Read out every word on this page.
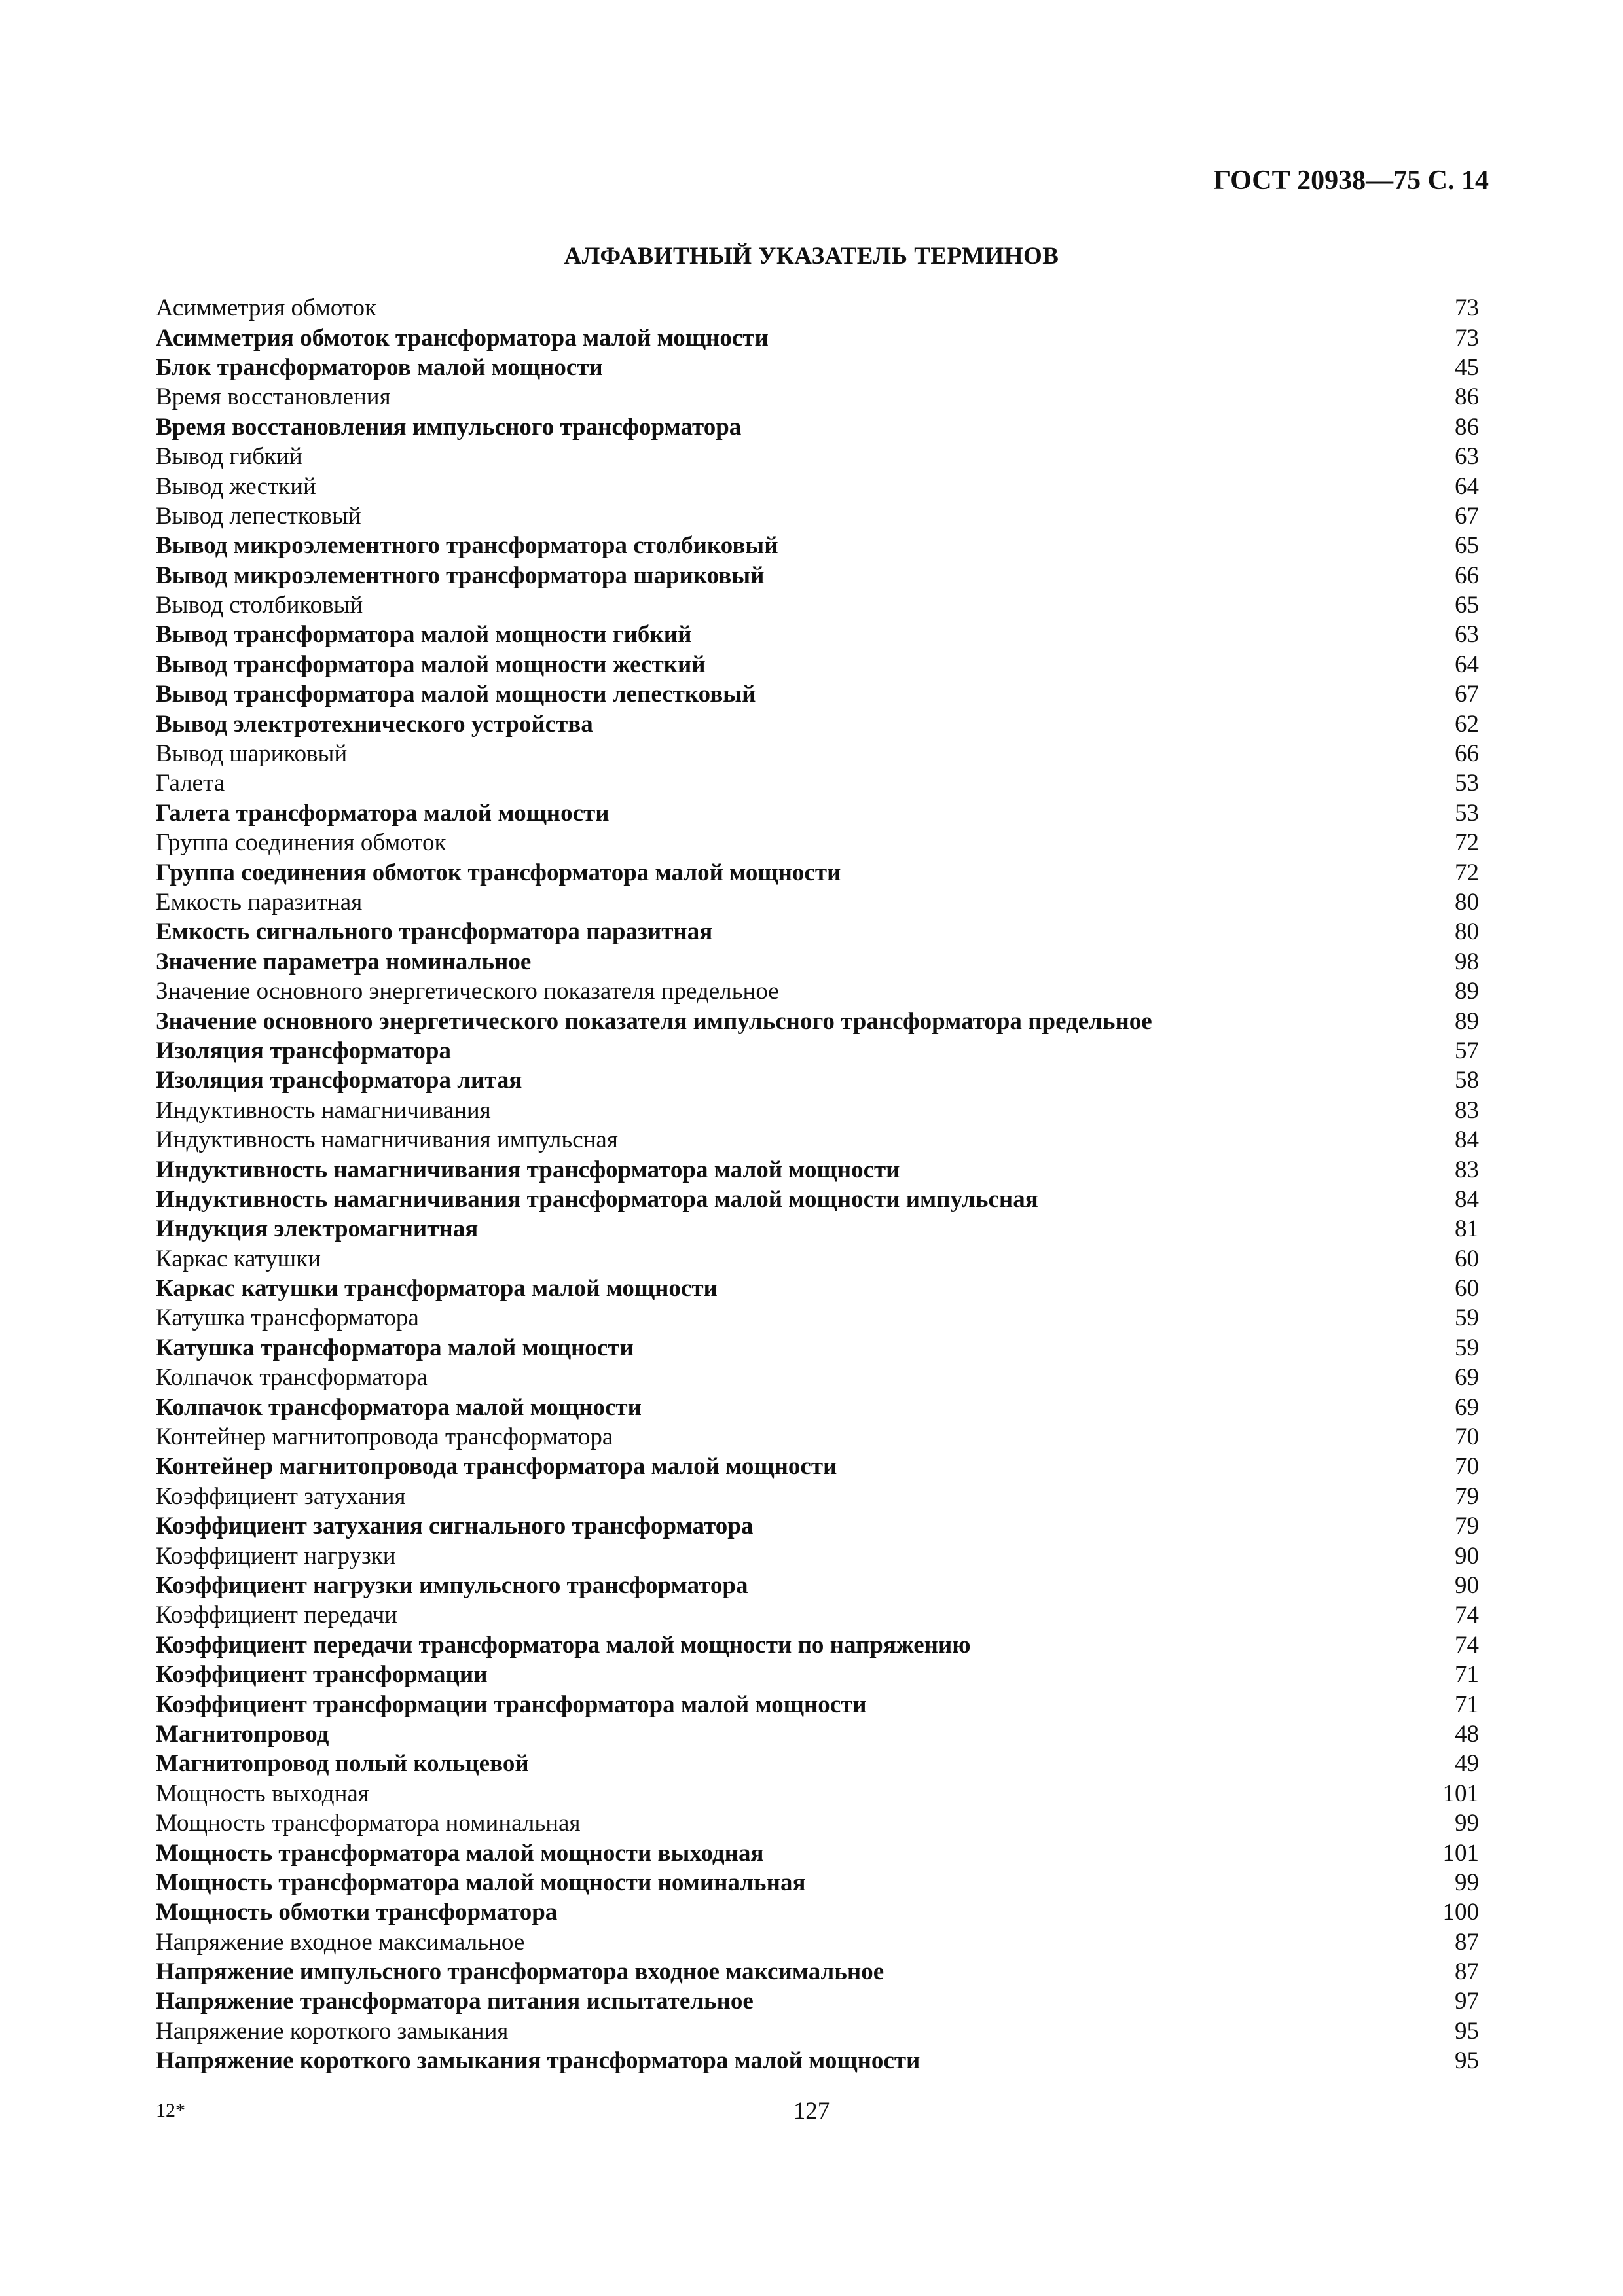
ГОСТ 20938—75 С. 14
АЛФАВИТНЫЙ УКАЗАТЕЛЬ ТЕРМИНОВ
Асимметрия обмоток	73
Асимметрия обмоток трансформатора малой мощности	73
Блок трансформаторов малой мощности	45
Время восстановления	86
Время восстановления импульсного трансформатора	86
Вывод гибкий	63
Вывод жесткий	64
Вывод лепестковый	67
Вывод микроэлементного трансформатора столбиковый	65
Вывод микроэлементного трансформатора шариковый	66
Вывод столбиковый	65
Вывод трансформатора малой мощности гибкий	63
Вывод трансформатора малой мощности жесткий	64
Вывод трансформатора малой мощности лепестковый	67
Вывод электротехнического устройства	62
Вывод шариковый	66
Галета	53
Галета трансформатора малой мощности	53
Группа соединения обмоток	72
Группа соединения обмоток трансформатора малой мощности	72
Емкость паразитная	80
Емкость сигнального трансформатора паразитная	80
Значение параметра номинальное	98
Значение основного энергетического показателя предельное	89
Значение основного энергетического показателя импульсного трансформатора предельное	89
Изоляция трансформатора	57
Изоляция трансформатора литая	58
Индуктивность намагничивания	83
Индуктивность намагничивания импульсная	84
Индуктивность намагничивания трансформатора малой мощности	83
Индуктивность намагничивания трансформатора малой мощности импульсная	84
Индукция электромагнитная	81
Каркас катушки	60
Каркас катушки трансформатора малой мощности	60
Катушка трансформатора	59
Катушка трансформатора малой мощности	59
Колпачок трансформатора	69
Колпачок трансформатора малой мощности	69
Контейнер магнитопровода трансформатора	70
Контейнер магнитопровода трансформатора малой мощности	70
Коэффициент затухания	79
Коэффициент затухания сигнального трансформатора	79
Коэффициент нагрузки	90
Коэффициент нагрузки импульсного трансформатора	90
Коэффициент передачи	74
Коэффициент передачи трансформатора малой мощности по напряжению	74
Коэффициент трансформации	71
Коэффициент трансформации трансформатора малой мощности	71
Магнитопровод	48
Магнитопровод полый кольцевой	49
Мощность выходная	101
Мощность трансформатора номинальная	99
Мощность трансформатора малой мощности выходная	101
Мощность трансформатора малой мощности номинальная	99
Мощность обмотки трансформатора	100
Напряжение входное максимальное	87
Напряжение импульсного трансформатора входное максимальное	87
Напряжение трансформатора питания испытательное	97
Напряжение короткого замыкания	95
Напряжение короткого замыкания трансформатора малой мощности	95
12*	127
